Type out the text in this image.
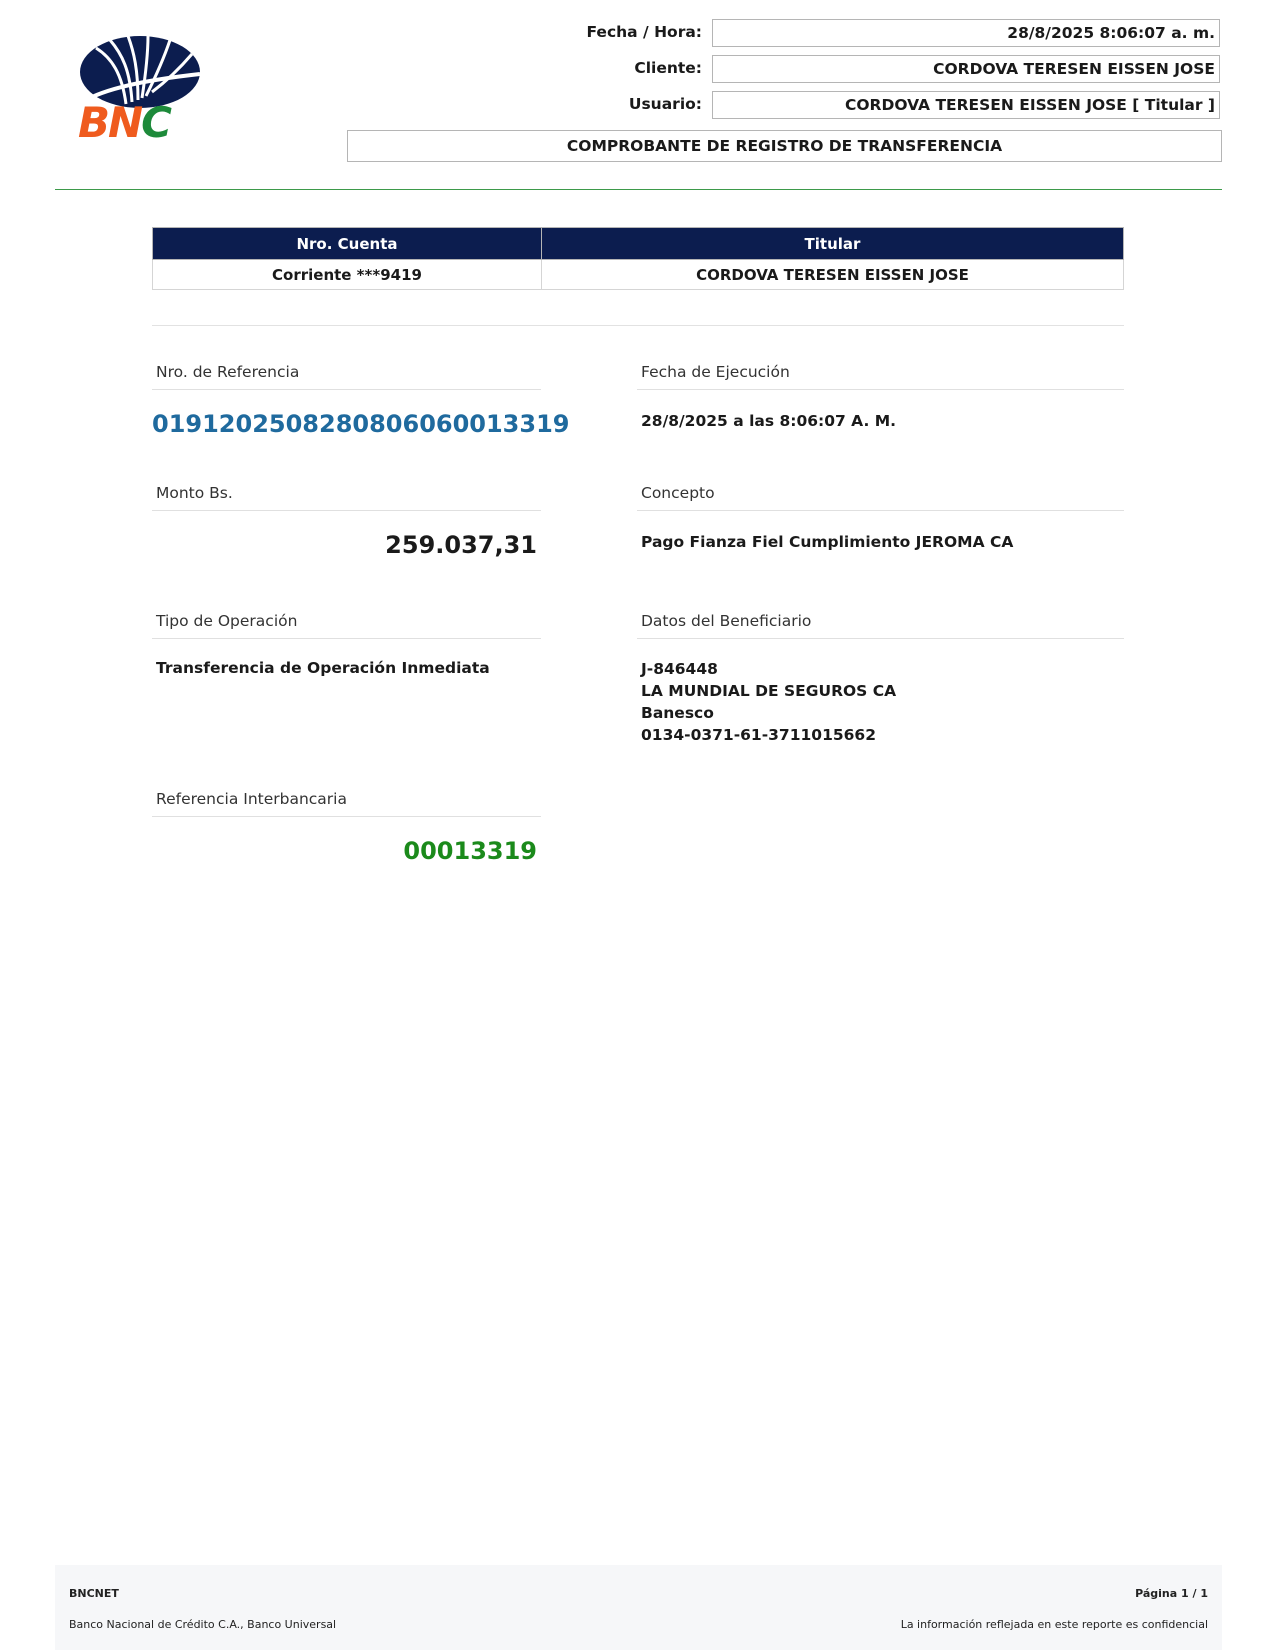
BNC
Fecha / Hora:	28/8/2025 8:06:07 a. m.
Cliente:	CORDOVA TERESEN EISSEN JOSE
Usuario:	CORDOVA TERESEN EISSEN JOSE [ Titular ]
COMPROBANTE DE REGISTRO DE TRANSFERENCIA
Nro. Cuenta	Titular
Corriente ***9419	CORDOVA TERESEN EISSEN JOSE
Nro. de Referencia
0191202508280806060013319
Fecha de Ejecución
28/8/2025 a las 8:06:07 A. M.
Monto Bs.
259.037,31
Concepto
Pago Fianza Fiel Cumplimiento JEROMA CA
Tipo de Operación
Transferencia de Operación Inmediata
Datos del Beneficiario
J-846448
LA MUNDIAL DE SEGUROS CA
Banesco
0134-0371-61-3711015662
Referencia Interbancaria
00013319
BNCNET	Página 1 / 1
Banco Nacional de Crédito C.A., Banco Universal	La información reflejada en este reporte es confidencial
